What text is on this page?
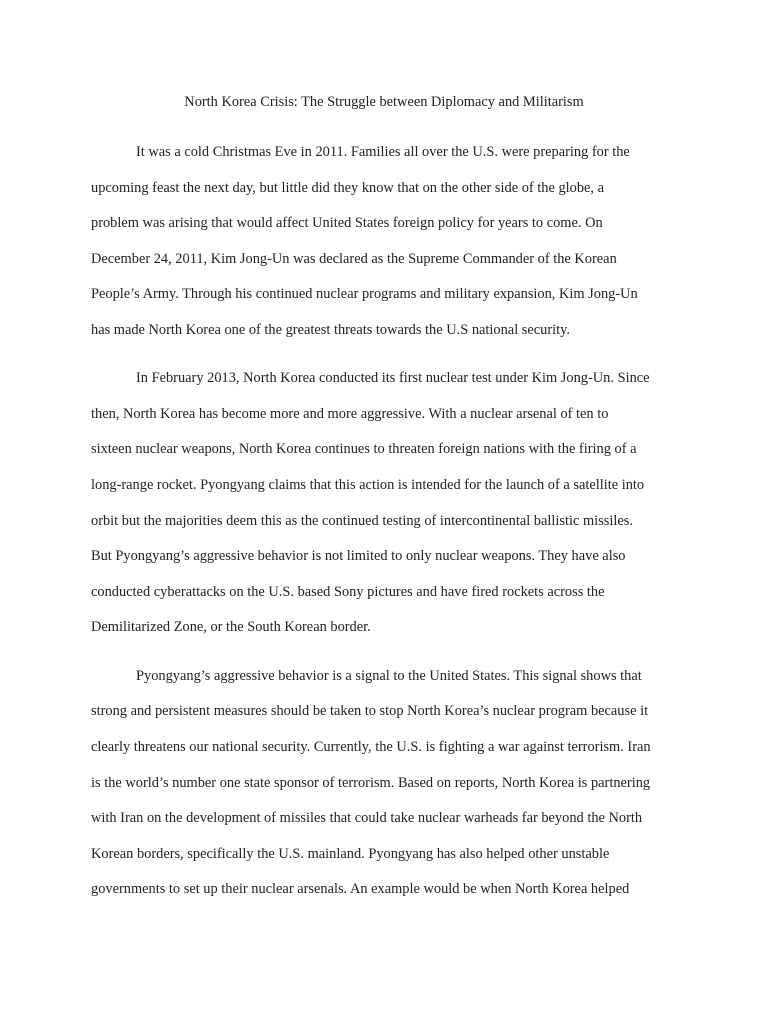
North Korea Crisis: The Struggle between Diplomacy and Militarism
It was a cold Christmas Eve in 2011. Families all over the U.S. were preparing for the
upcoming feast the next day, but little did they know that on the other side of the globe, a
problem was arising that would affect United States foreign policy for years to come. On
December 24, 2011, Kim Jong-Un was declared as the Supreme Commander of the Korean
People’s Army. Through his continued nuclear programs and military expansion, Kim Jong-Un
has made North Korea one of the greatest threats towards the U.S national security.
In February 2013, North Korea conducted its first nuclear test under Kim Jong-Un. Since
then, North Korea has become more and more aggressive. With a nuclear arsenal of ten to
sixteen nuclear weapons, North Korea continues to threaten foreign nations with the firing of a
long-range rocket. Pyongyang claims that this action is intended for the launch of a satellite into
orbit but the majorities deem this as the continued testing of intercontinental ballistic missiles.
But Pyongyang’s aggressive behavior is not limited to only nuclear weapons. They have also
conducted cyberattacks on the U.S. based Sony pictures and have fired rockets across the
Demilitarized Zone, or the South Korean border.
Pyongyang’s aggressive behavior is a signal to the United States. This signal shows that
strong and persistent measures should be taken to stop North Korea’s nuclear program because it
clearly threatens our national security. Currently, the U.S. is fighting a war against terrorism. Iran
is the world’s number one state sponsor of terrorism. Based on reports, North Korea is partnering
with Iran on the development of missiles that could take nuclear warheads far beyond the North
Korean borders, specifically the U.S. mainland. Pyongyang has also helped other unstable
governments to set up their nuclear arsenals. An example would be when North Korea helped
